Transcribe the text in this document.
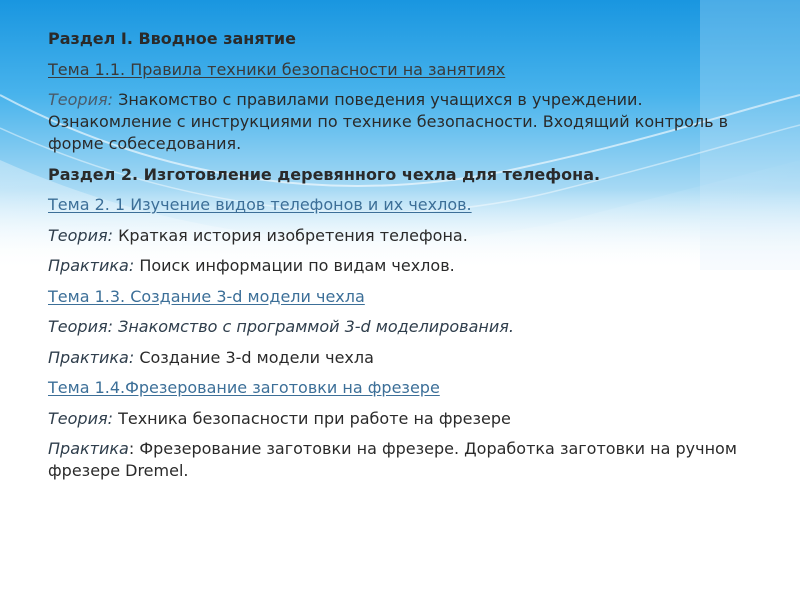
Раздел I. Вводное занятие

Тема 1.1. Правила техники безопасности на занятиях

Теория: Знакомство с правилами поведения учащихся в учреждении. Ознакомление с инструкциями по технике безопасности. Входящий контроль в форме собеседования.

Раздел 2. Изготовление деревянного чехла для телефона.

Тема 2. 1 Изучение видов телефонов и их чехлов.

Теория: Краткая история изобретения телефона.

Практика: Поиск информации по видам чехлов.

Тема 1.3. Создание 3-d модели чехла

Теория: Знакомство с программой 3-d моделирования.

Практика: Создание 3-d модели чехла

Тема 1.4.Фрезерование заготовки на фрезере

Теория: Техника безопасности при работе на фрезере

Практика: Фрезерование заготовки на фрезере. Доработка заготовки на ручном фрезере Dremel.
